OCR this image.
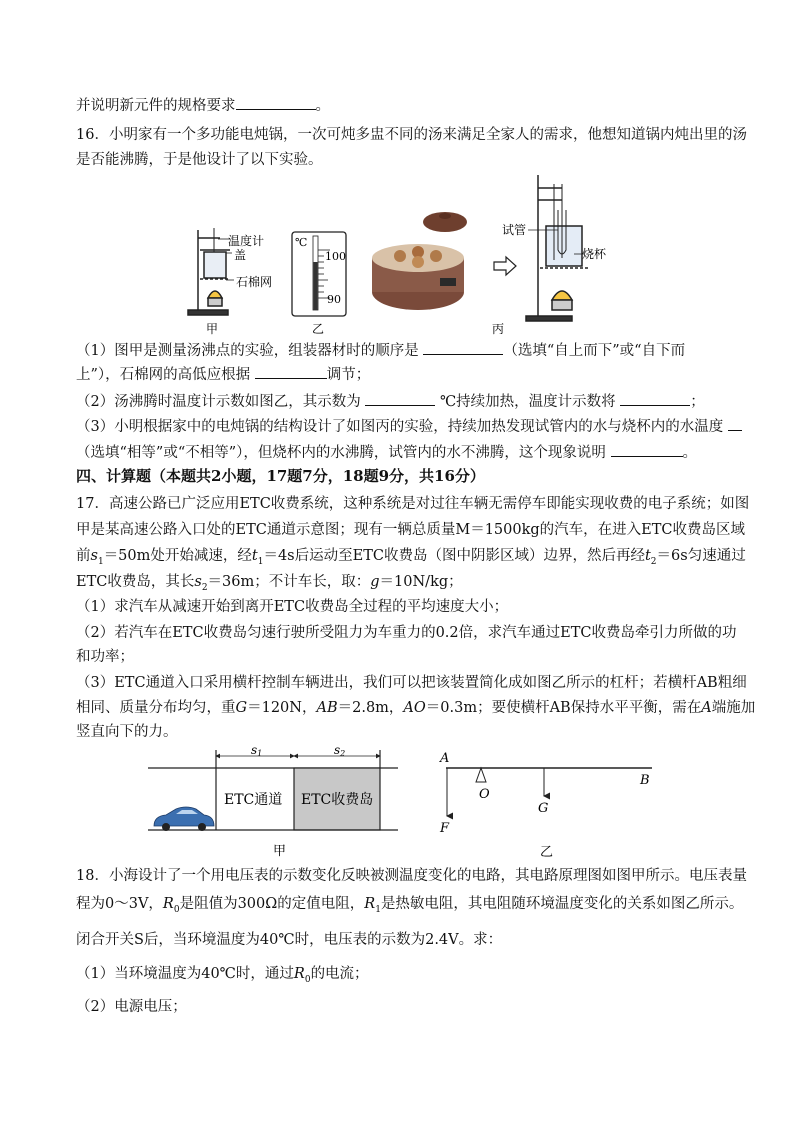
并说明新元件的规格要求	。
16．小明家有一个多功能电炖锅，一次可炖多盅不同的汤来满足全家人的需求，他想知道锅内炖出里的汤
是否能沸腾，于是他设计了以下实验。
温度计
盖
石棉网
℃
100
90
试管
烧杯
甲	乙	丙
（1）图甲是测量汤沸点的实验，组装器材时的顺序是	（选填“自上而下”或“自下而
上”），石棉网的高低应根据	调节；
（2）汤沸腾时温度计示数如图乙，其示数为	℃持续加热，温度计示数将	；
（3）小明根据家中的电炖锅的结构设计了如图丙的实验，持续加热发现试管内的水与烧杯内的水温度
（选填“相等”或“不相等”），但烧杯内的水沸腾，试管内的水不沸腾，这个现象说明	。
四、计算题（本题共2小题，17题7分，18题9分，共16分）
17．高速公路已广泛应用ETC收费系统，这种系统是对过往车辆无需停车即能实现收费的电子系统；如图
甲是某高速公路入口处的ETC通道示意图；现有一辆总质量M＝1500kg的汽车，在进入ETC收费岛区域
前$s_1=50m$处开始减速，经$t_1=4s$后运动至ETC收费岛（图中阴影区域）边界，然后再经$t_2=6s$匀速通过
ETC收费岛，其长$s_2=36m$；不计车长，取：g＝10N/kg；
（1）求汽车从减速开始到离开ETC收费岛全过程的平均速度大小；
（2）若汽车在ETC收费岛匀速行驶所受阻力为车重力的0.2倍，求汽车通过ETC收费岛牵引力所做的功
和功率；
（3）ETC通道入口采用横杆控制车辆进出，我们可以把该装置简化成如图乙所示的杠杆；若横杆AB粗细
相同、质量分布均匀，重G＝120N，AB＝2.8m，AO＝0.3m；要使横杆AB保持水平平衡，需在A端施加
竖直向下的力。
s1	s2
ETC通道 ETC收费岛
甲
A
B
O
G
F
乙
18．小海设计了一个用电压表的示数变化反映被测温度变化的电路，其电路原理图如图甲所示。电压表量
程为0～3V，$R_0$是阻值为300Ω的定值电阻，$R_1$是热敏电阻，其电阻随环境温度变化的关系如图乙所示。
闭合开关S后，当环境温度为40℃时，电压表的示数为2.4V。求：
（1）当环境温度为40℃时，通过$R_0$的电流；
（2）电源电压；
